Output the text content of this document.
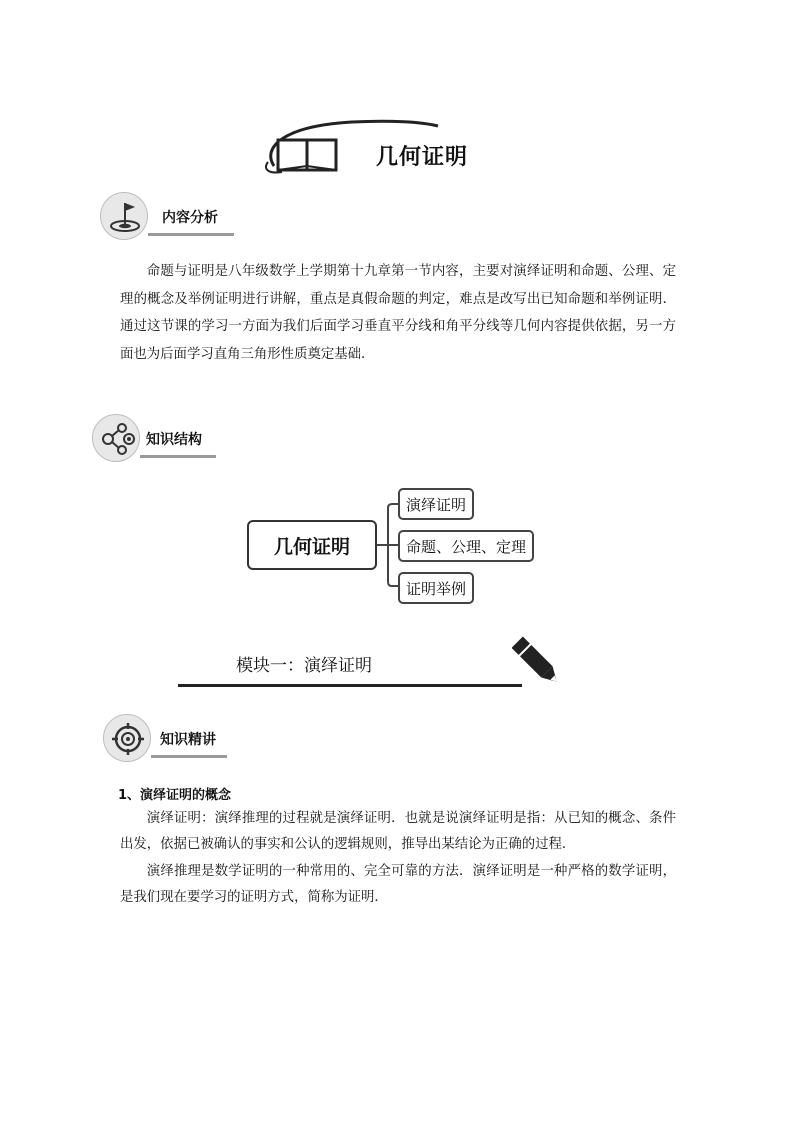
几何证明
内容分析
命题与证明是八年级数学上学期第十九章第一节内容，主要对演绎证明和命题、公理、定理的概念及举例证明进行讲解，重点是真假命题的判定，难点是改写出已知命题和举例证明．通过这节课的学习一方面为我们后面学习垂直平分线和角平分线等几何内容提供依据，另一方面也为后面学习直角三角形性质奠定基础．
知识结构
几何证明
演绎证明
命题、公理、定理
证明举例
模块一：演绎证明
知识精讲
1、演绎证明的概念
演绎证明：演绎推理的过程就是演绎证明．也就是说演绎证明是指：从已知的概念、条件出发，依据已被确认的事实和公认的逻辑规则，推导出某结论为正确的过程．
演绎推理是数学证明的一种常用的、完全可靠的方法．演绎证明是一种严格的数学证明，是我们现在要学习的证明方式，简称为证明．
